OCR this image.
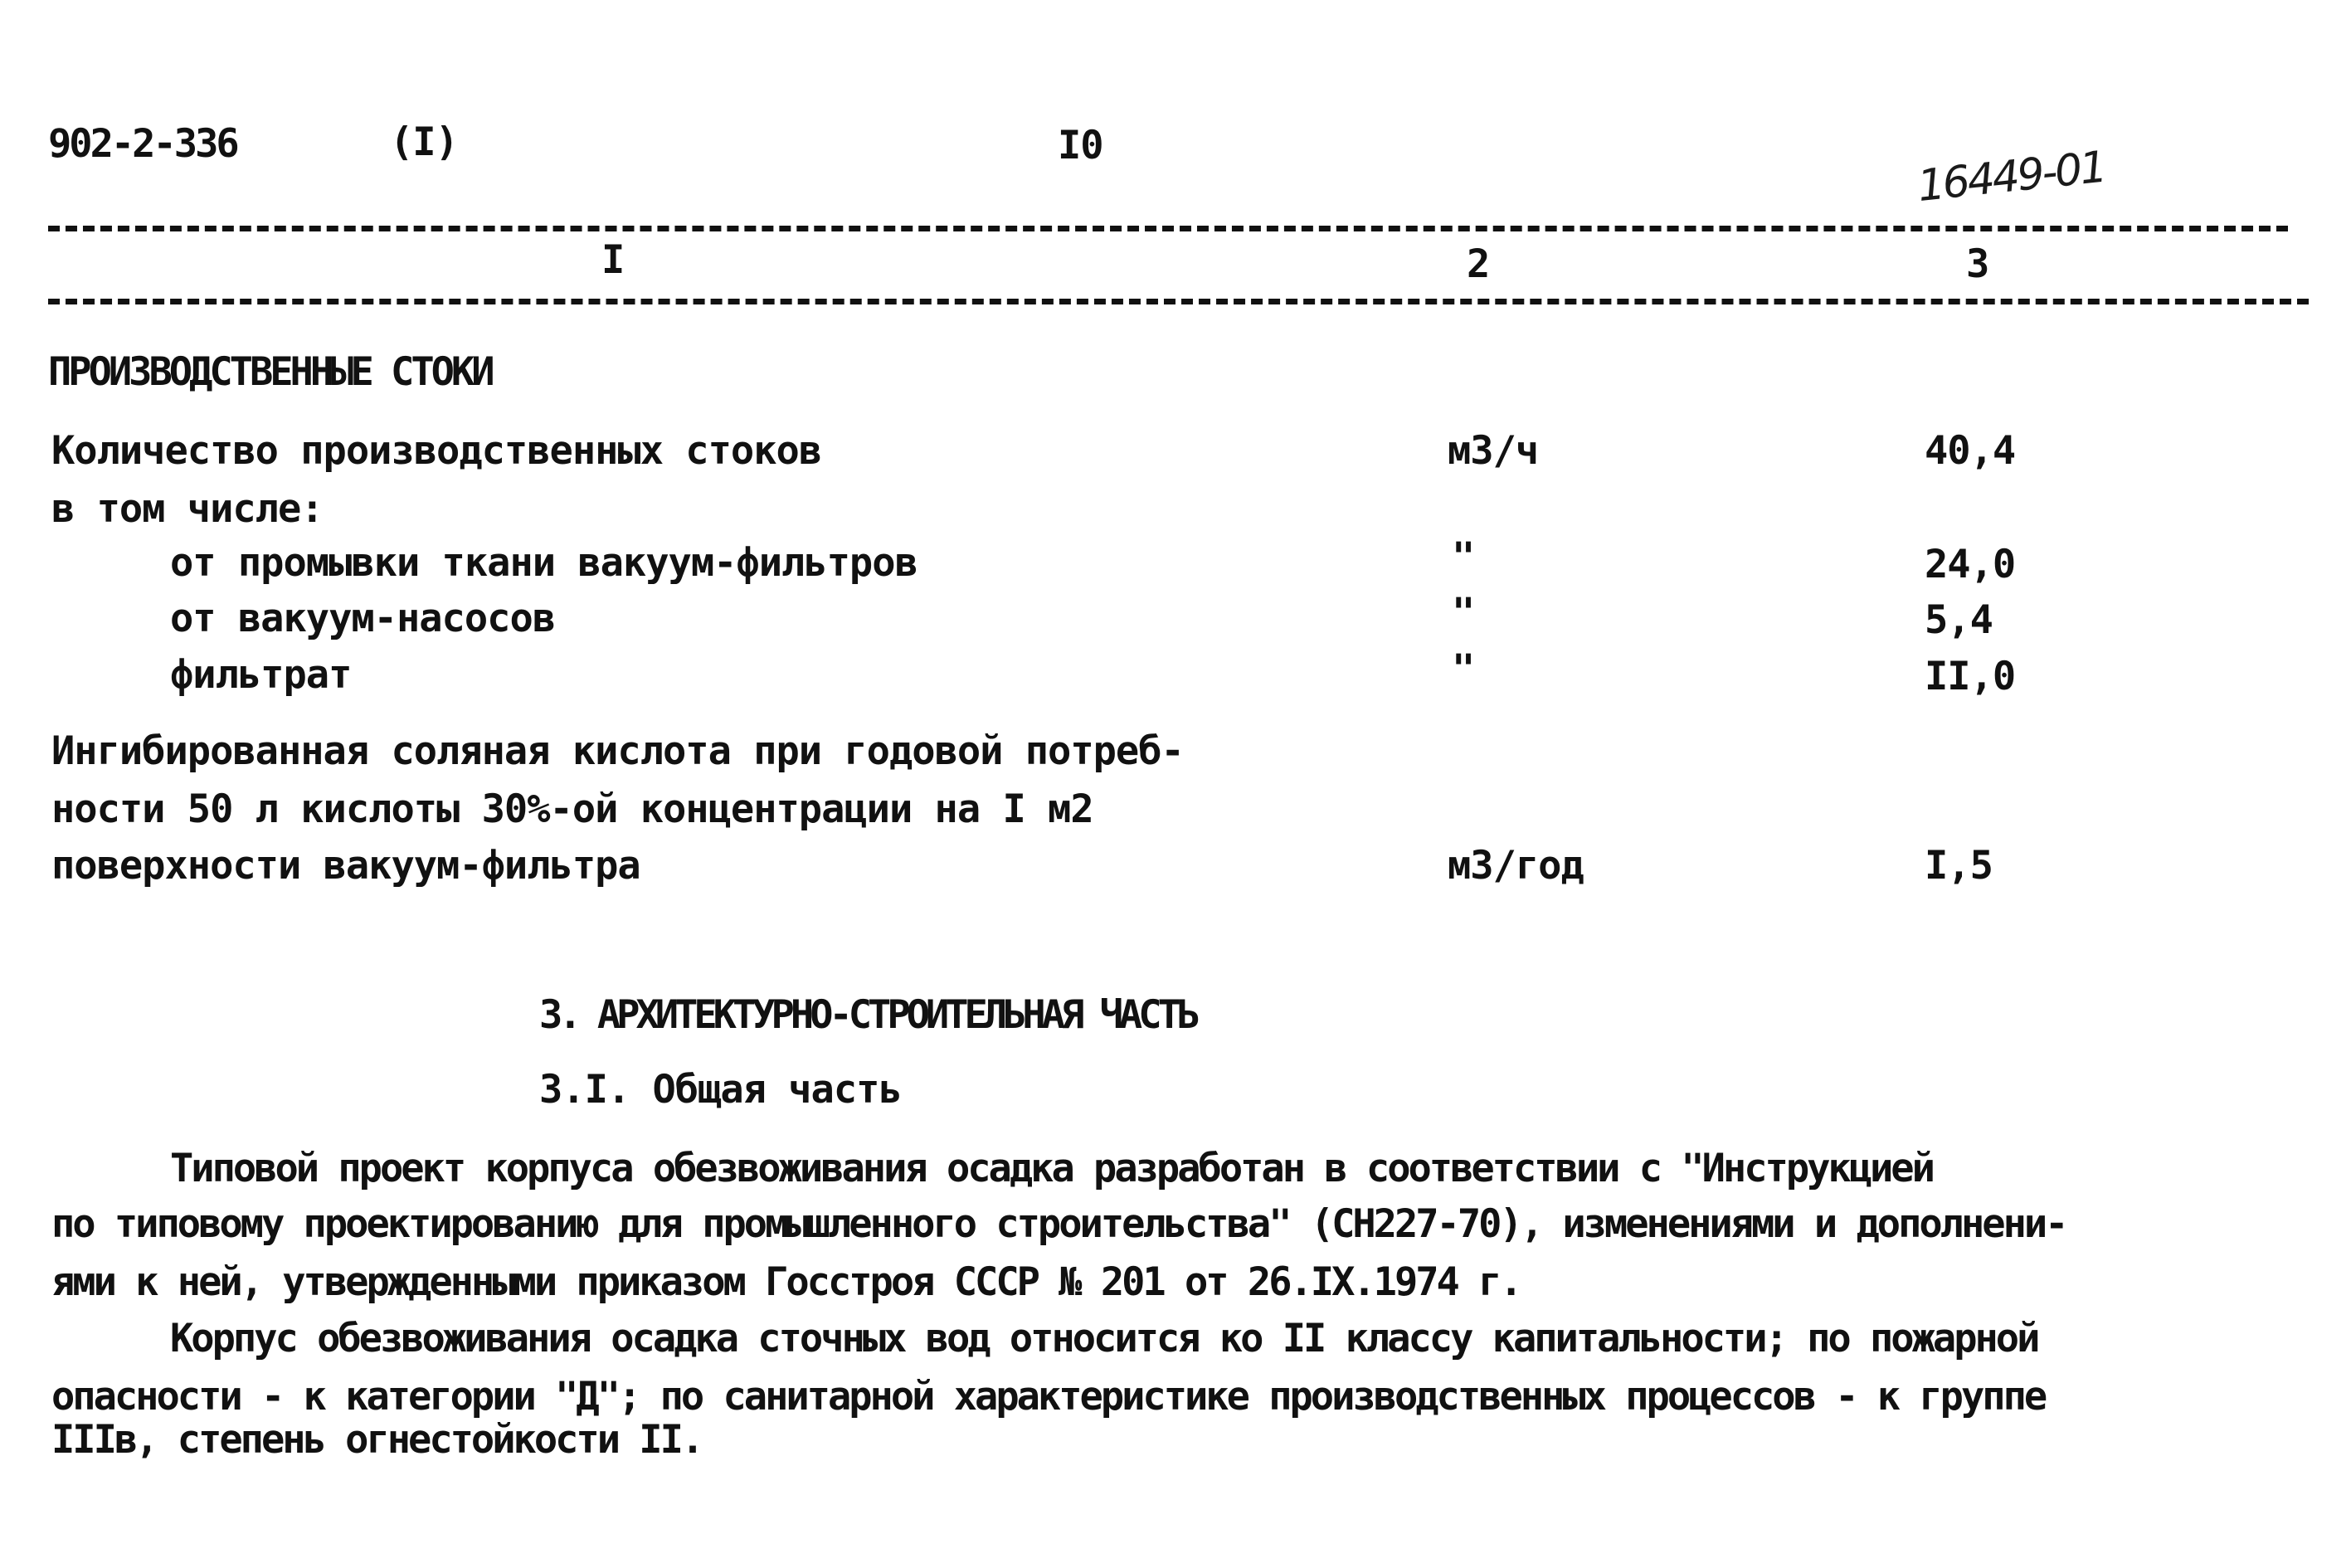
902-2-336	(I)	I0	16449-01
I	2	3
ПРОИЗВОДСТВЕННЫЕ СТОКИ
Количество производственных стоков	м3/ч	40,4
в том числе:
от промывки ткани вакуум-фильтров	"	24,0
от вакуум-насосов	"	5,4
фильтрат	"	II,0
Ингибированная соляная кислота при годовой потреб-
ности 50 л кислоты 30%-ой концентрации на I м2
поверхности вакуум-фильтра	м3/год	I,5
3. АРХИТЕКТУРНО-СТРОИТЕЛЬНАЯ ЧАСТЬ
3.I. Общая часть
Типовой проект корпуса обезвоживания осадка разработан в соответствии с "Инструкцией
по типовому проектированию для промышленного строительства" (СН227-70), изменениями и дополнени-
ями к ней, утвержденными приказом Госстроя СССР № 201 от 26.IX.1974 г.
Корпус обезвоживания осадка сточных вод относится ко II классу капитальности; по пожарной
опасности - к категории "Д"; по санитарной характеристике производственных процессов - к группе
IIIв, степень огнестойкости II.
